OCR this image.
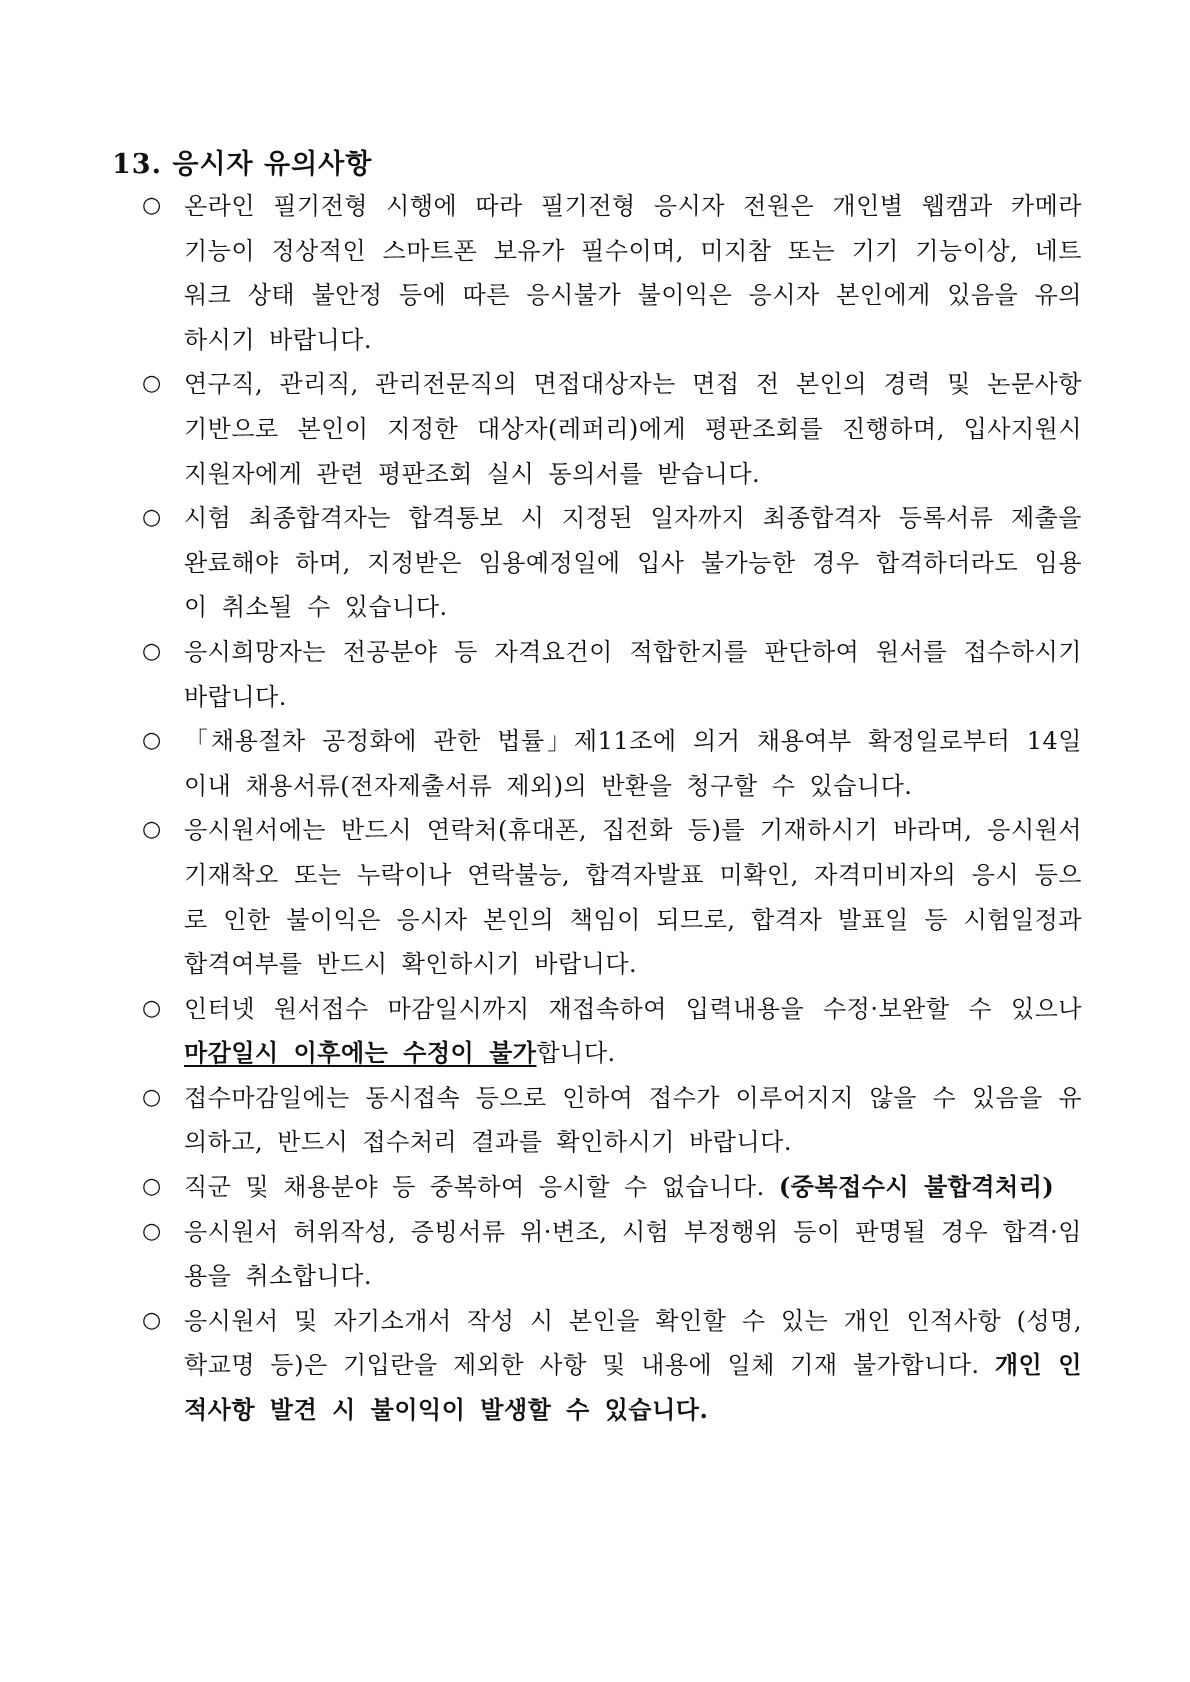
13. 응시자 유의사항
○ 온라인 필기전형 시행에 따라 필기전형 응시자 전원은 개인별 웹캠과 카메라 기능이 정상적인 스마트폰 보유가 필수이며, 미지참 또는 기기 기능이상, 네트워크 상태 불안정 등에 따른 응시불가 불이익은 응시자 본인에게 있음을 유의하시기 바랍니다.
○ 연구직, 관리직, 관리전문직의 면접대상자는 면접 전 본인의 경력 및 논문사항 기반으로 본인이 지정한 대상자(레퍼리)에게 평판조회를 진행하며, 입사지원시 지원자에게 관련 평판조회 실시 동의서를 받습니다.
○ 시험 최종합격자는 합격통보 시 지정된 일자까지 최종합격자 등록서류 제출을 완료해야 하며, 지정받은 임용예정일에 입사 불가능한 경우 합격하더라도 임용이 취소될 수 있습니다.
○ 응시희망자는 전공분야 등 자격요건이 적합한지를 판단하여 원서를 접수하시기 바랍니다.
○ 「채용절차 공정화에 관한 법률」제11조에 의거 채용여부 확정일로부터 14일 이내 채용서류(전자제출서류 제외)의 반환을 청구할 수 있습니다.
○ 응시원서에는 반드시 연락처(휴대폰, 집전화 등)를 기재하시기 바라며, 응시원서 기재착오 또는 누락이나 연락불능, 합격자발표 미확인, 자격미비자의 응시 등으로 인한 불이익은 응시자 본인의 책임이 되므로, 합격자 발표일 등 시험일정과 합격여부를 반드시 확인하시기 바랍니다.
○ 인터넷 원서접수 마감일시까지 재접속하여 입력내용을 수정·보완할 수 있으나 마감일시 이후에는 수정이 불가합니다.
○ 접수마감일에는 동시접속 등으로 인하여 접수가 이루어지지 않을 수 있음을 유의하고, 반드시 접수처리 결과를 확인하시기 바랍니다.
○ 직군 및 채용분야 등 중복하여 응시할 수 없습니다. (중복접수시 불합격처리)
○ 응시원서 허위작성, 증빙서류 위·변조, 시험 부정행위 등이 판명될 경우 합격·임용을 취소합니다.
○ 응시원서 및 자기소개서 작성 시 본인을 확인할 수 있는 개인 인적사항 (성명, 학교명 등)은 기입란을 제외한 사항 및 내용에 일체 기재 불가합니다. 개인 인적사항 발견 시 불이익이 발생할 수 있습니다.
